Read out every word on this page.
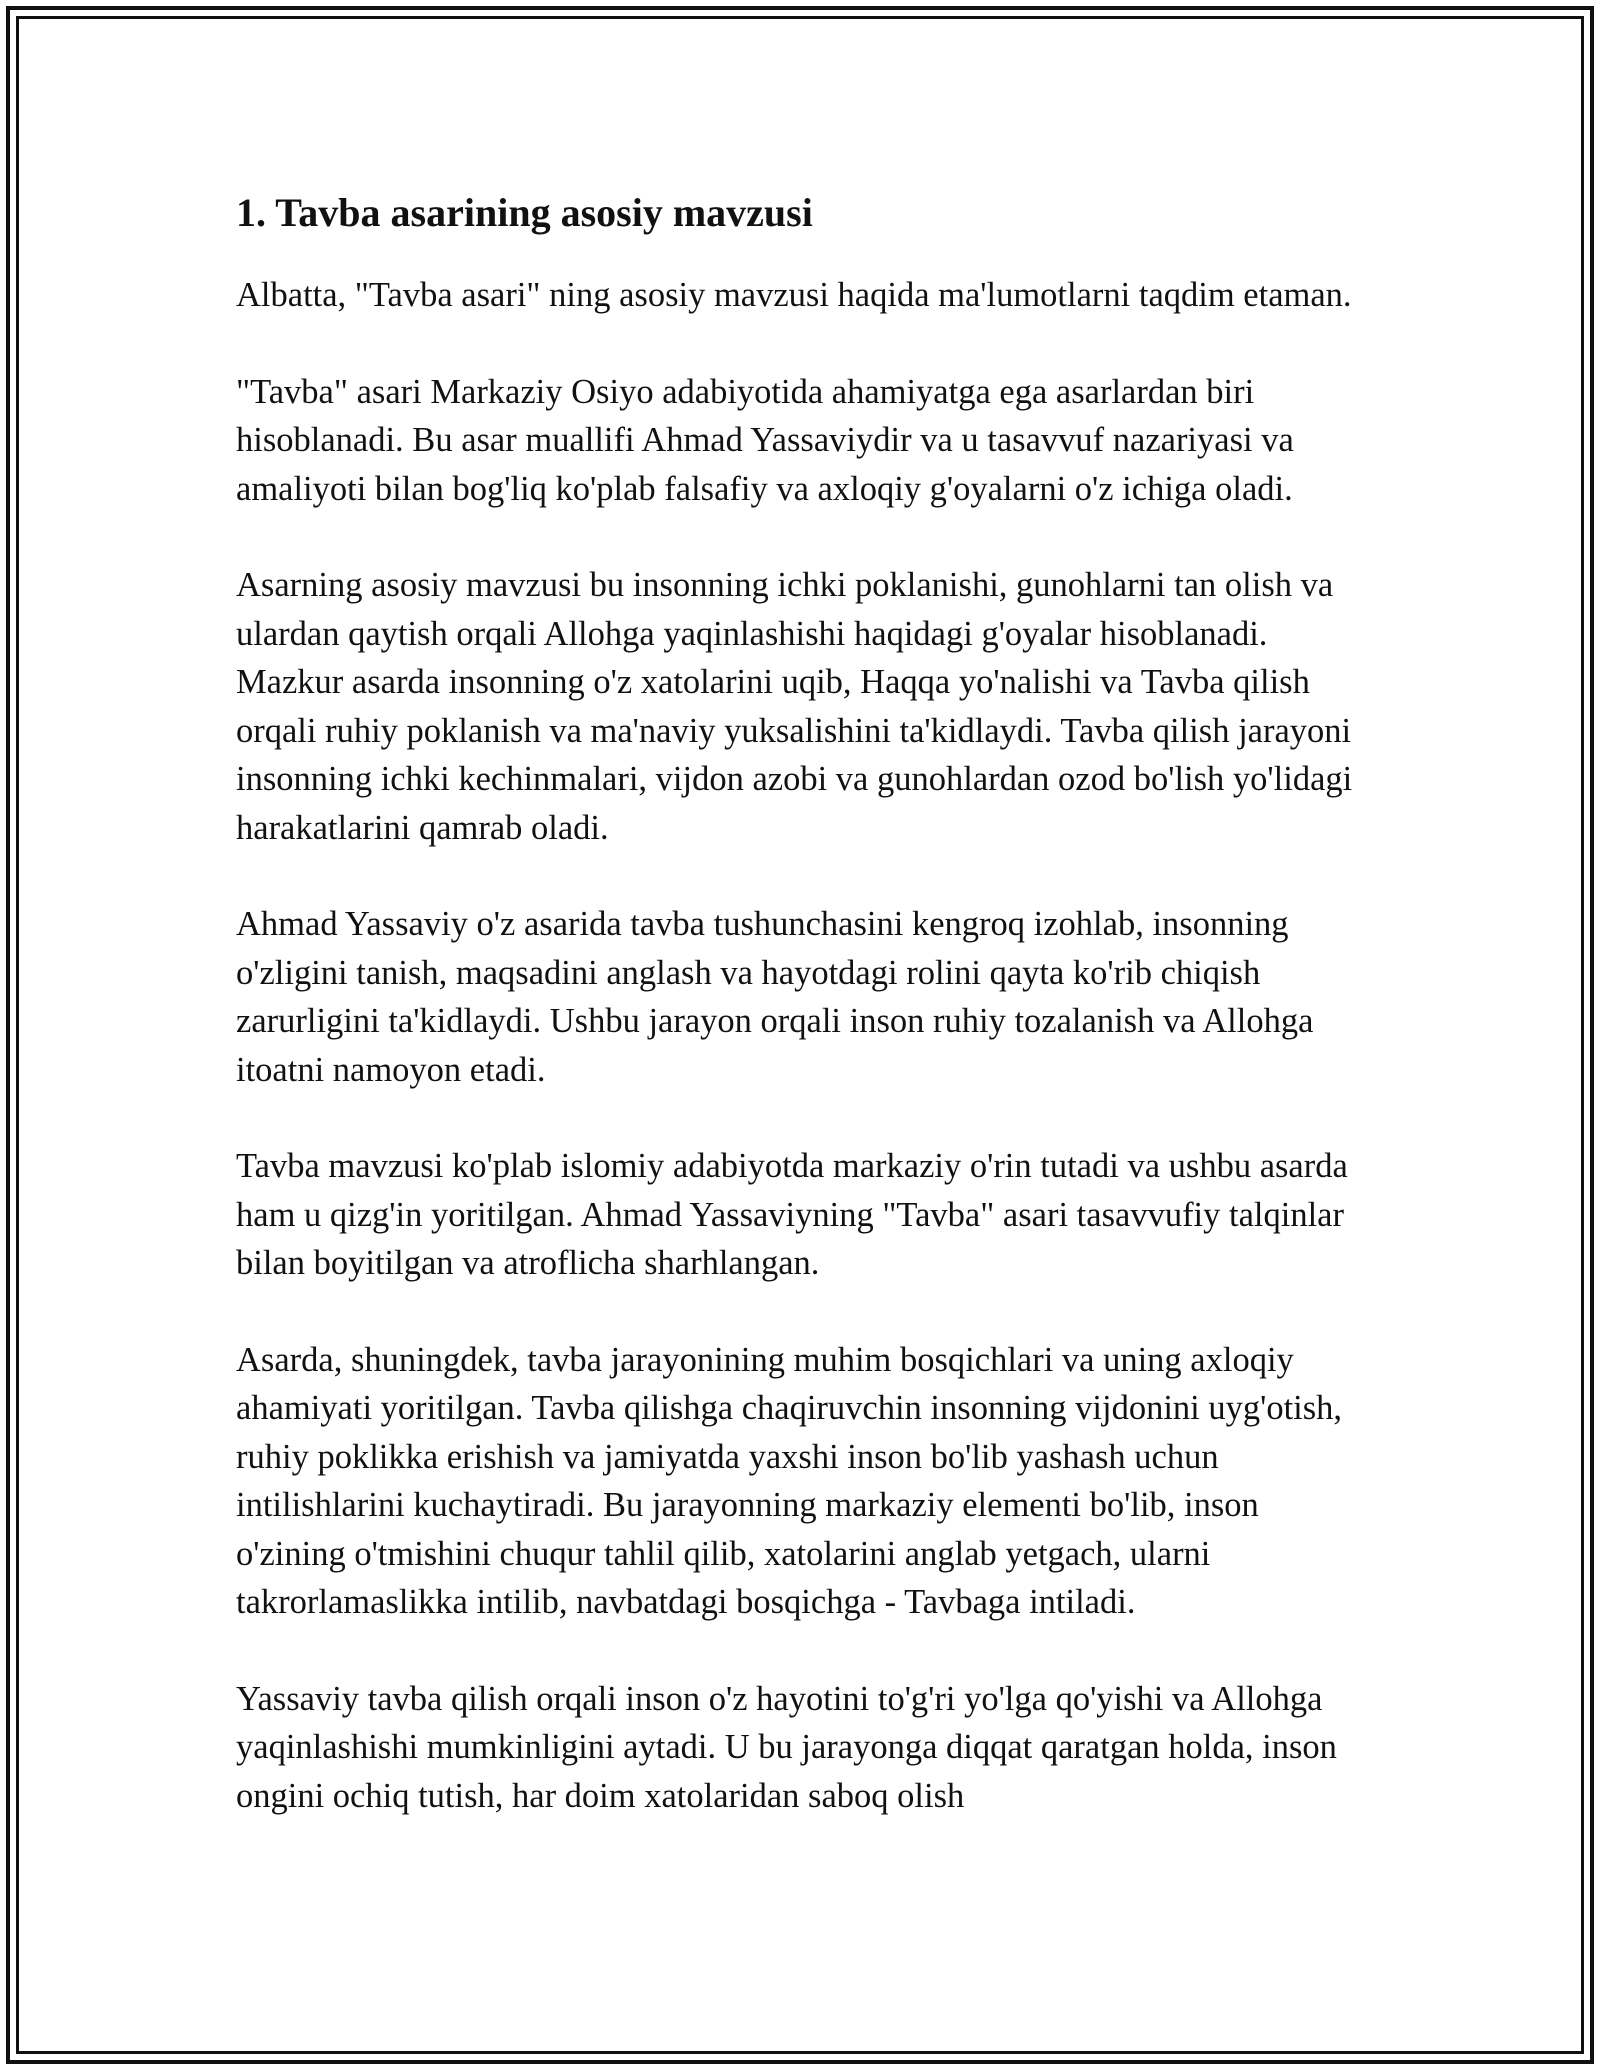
1. Tavba asarining asosiy mavzusi

Albatta, "Tavba asari" ning asosiy mavzusi haqida ma'lumotlarni taqdim etaman.

"Tavba" asari Markaziy Osiyo adabiyotida ahamiyatga ega asarlardan biri hisoblanadi. Bu asar muallifi Ahmad Yassaviydir va u tasavvuf nazariyasi va amaliyoti bilan bog'liq ko'plab falsafiy va axloqiy g'oyalarni o'z ichiga oladi.

Asarning asosiy mavzusi bu insonning ichki poklanishi, gunohlarni tan olish va ulardan qaytish orqali Allohga yaqinlashishi haqidagi g'oyalar hisoblanadi. Mazkur asarda insonning o'z xatolarini uqib, Haqqa yo'nalishi va Tavba qilish orqali ruhiy poklanish va ma'naviy yuksalishini ta'kidlaydi. Tavba qilish jarayoni insonning ichki kechinmalari, vijdon azobi va gunohlardan ozod bo'lish yo'lidagi harakatlarini qamrab oladi.

Ahmad Yassaviy o'z asarida tavba tushunchasini kengroq izohlab, insonning o'zligini tanish, maqsadini anglash va hayotdagi rolini qayta ko'rib chiqish zarurligini ta'kidlaydi. Ushbu jarayon orqali inson ruhiy tozalanish va Allohga itoatni namoyon etadi.

Tavba mavzusi ko'plab islomiy adabiyotda markaziy o'rin tutadi va ushbu asarda ham u qizg'in yoritilgan. Ahmad Yassaviyning "Tavba" asari tasavvufiy talqinlar bilan boyitilgan va atroflicha sharhlangan.

Asarda, shuningdek, tavba jarayonining muhim bosqichlari va uning axloqiy ahamiyati yoritilgan. Tavba qilishga chaqiruvchin insonning vijdonini uyg'otish, ruhiy poklikka erishish va jamiyatda yaxshi inson bo'lib yashash uchun intilishlarini kuchaytiradi. Bu jarayonning markaziy elementi bo'lib, inson o'zining o'tmishini chuqur tahlil qilib, xatolarini anglab yetgach, ularni takrorlamaslikka intilib, navbatdagi bosqichga - Tavbaga intiladi.

Yassaviy tavba qilish orqali inson o'z hayotini to'g'ri yo'lga qo'yishi va Allohga yaqinlashishi mumkinligini aytadi. U bu jarayonga diqqat qaratgan holda, inson ongini ochiq tutish, har doim xatolaridan saboq olish
